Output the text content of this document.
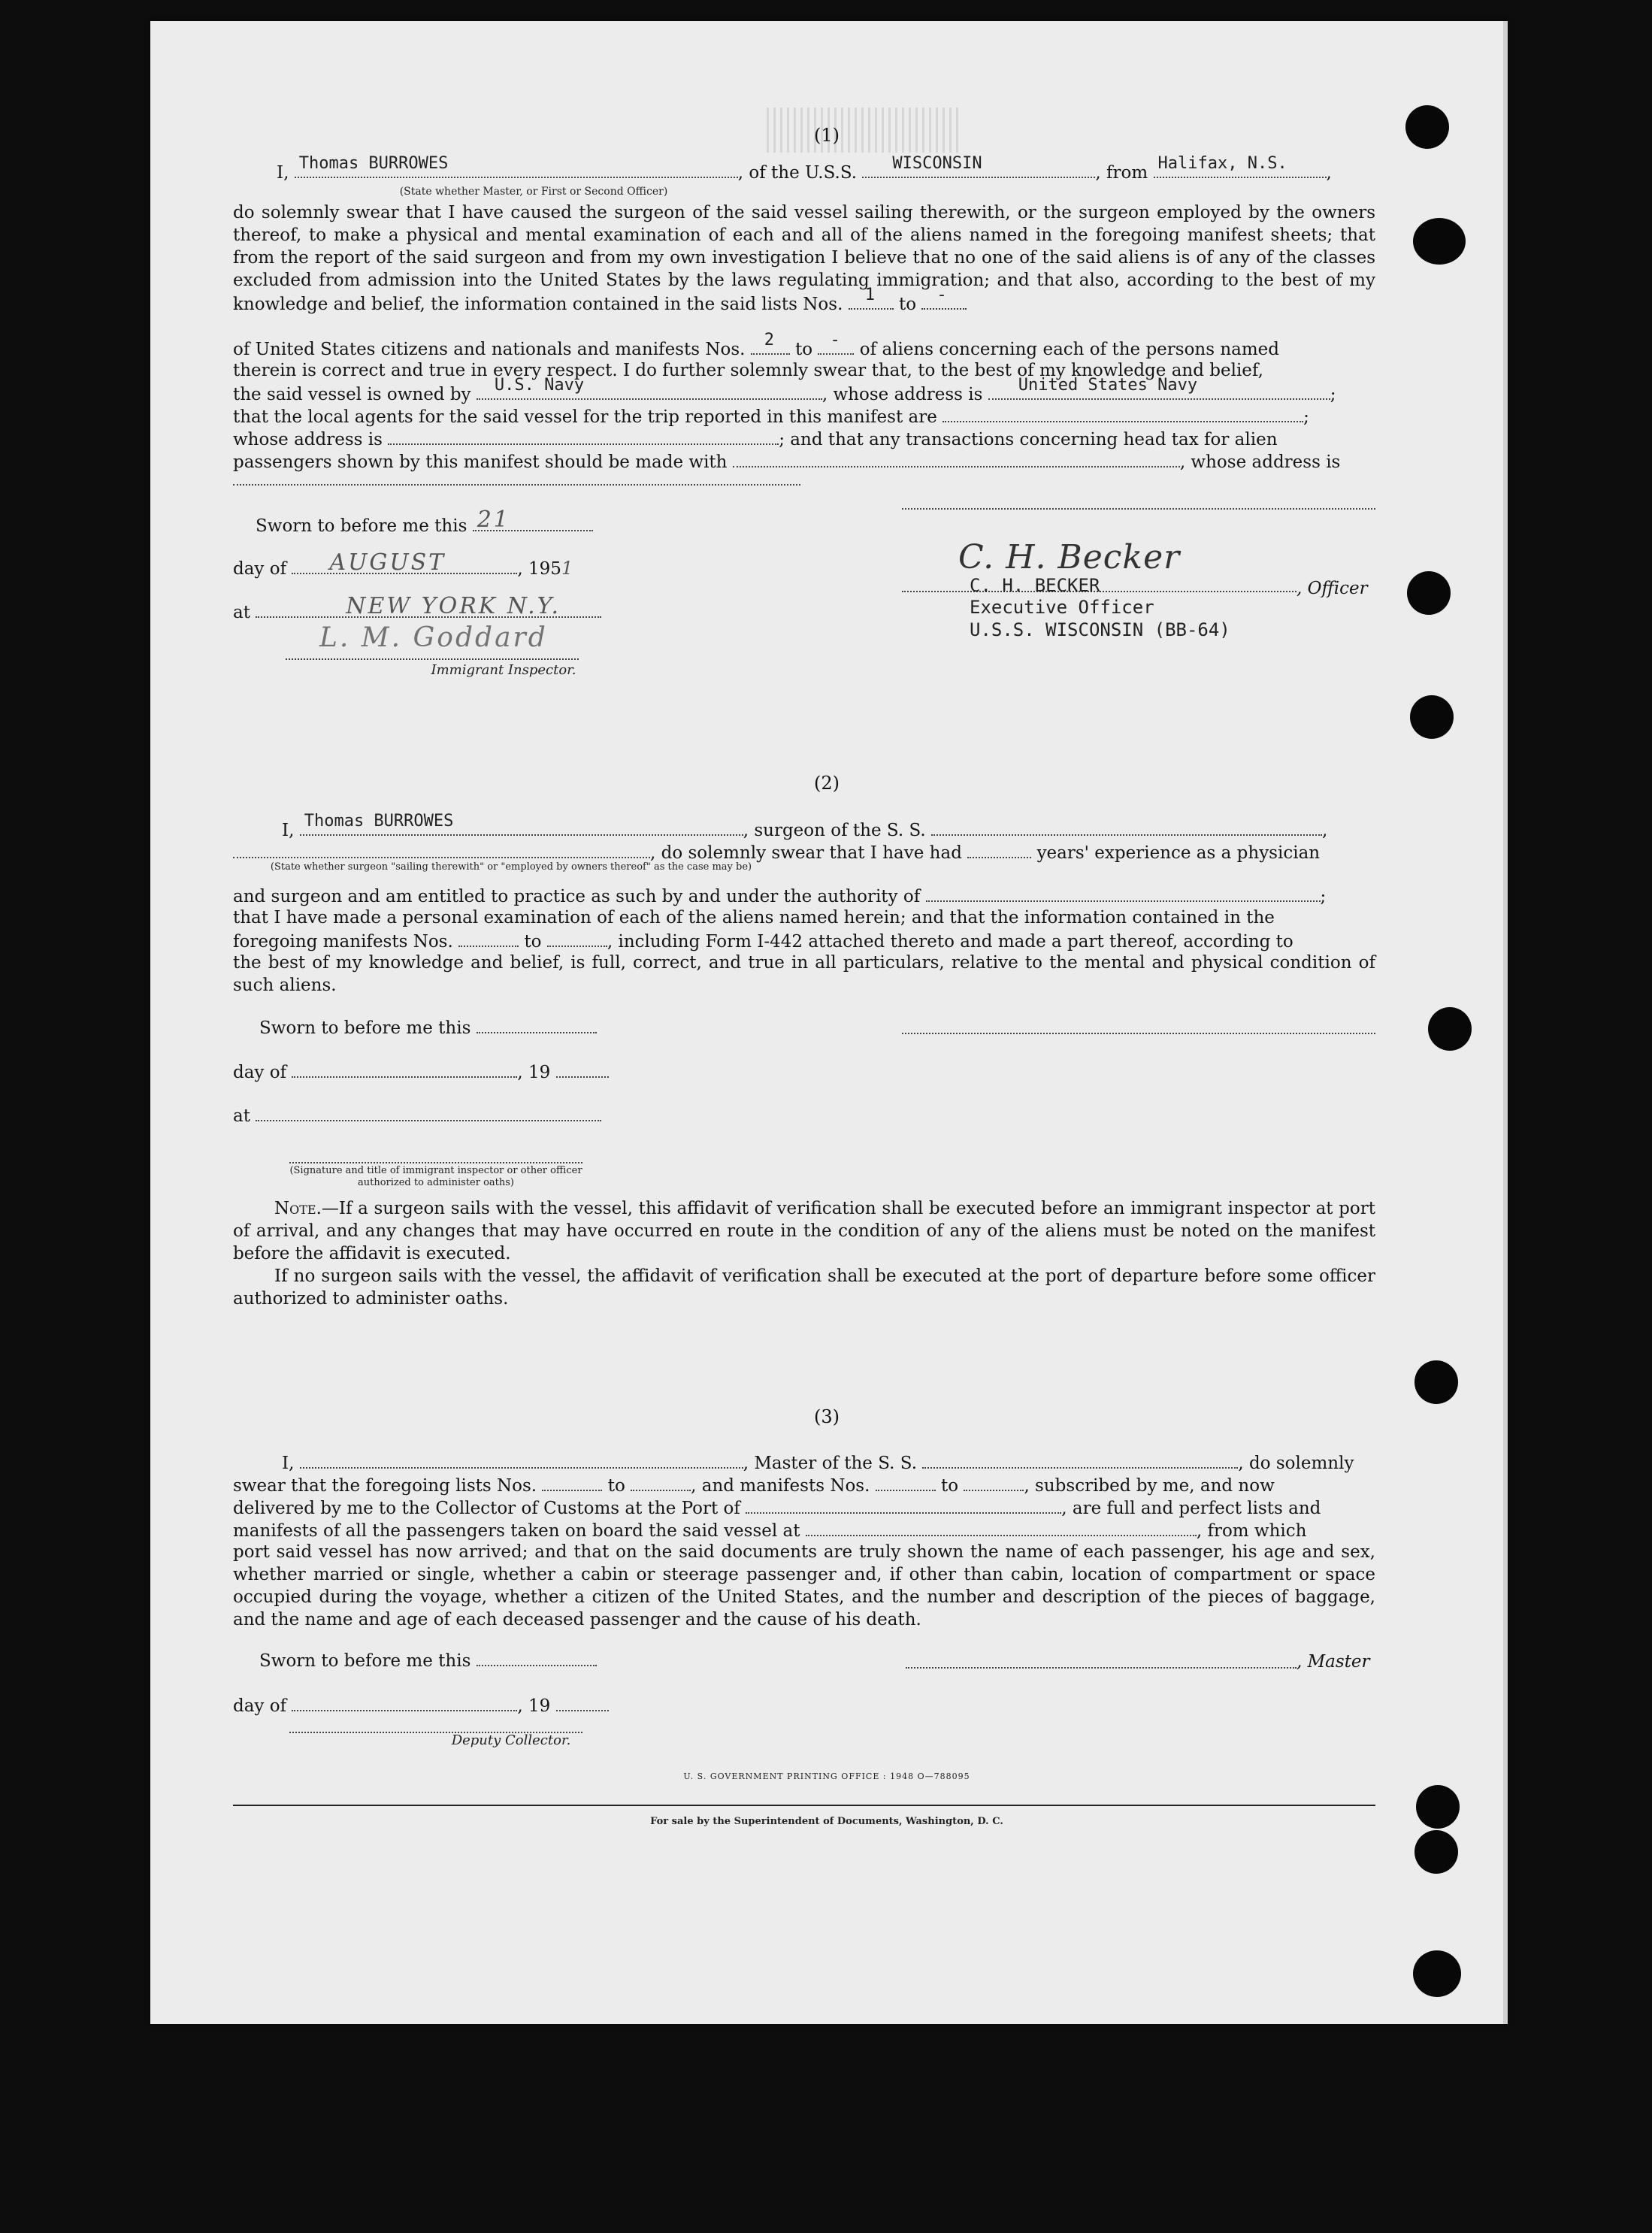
(1)
I, Thomas BURROWES	, of the U.S.S. WISCONSIN	, from Halifax, N.S. ,
(State whether Master, or First or Second Officer)
do solemnly swear that I have caused the surgeon of the said vessel sailing therewith, or the surgeon employed by the owners thereof, to make a physical and mental examination of each and all of the aliens named in the foregoing manifest sheets; that from the report of the said surgeon and from my own investigation I believe that no one of the said aliens is of any of the classes excluded from admission into the United States by the laws regulating immigration; and that also, according to the best of my knowledge and belief, the information contained in the said lists Nos. 1 to -
of United States citizens and nationals and manifests Nos. 2 to - of aliens concerning each of the persons named
therein is correct and true in every respect. I do further solemnly swear that, to the best of my knowledge and belief,
the said vessel is owned by U.S. Navy	, whose address is United States Navy	;
that the local agents for the said vessel for the trip reported in this manifest are	;
whose address is	; and that any transactions concerning head tax for alien
passengers shown by this manifest should be made with	, whose address is
Sworn to before me this 21
day of AUGUST	, 1951
at	NEW YORK N.Y.
L. M. Goddard
Immigrant Inspector.
C. H. Becker
C. H. BECKER	, Officer
Executive Officer
U.S.S. WISCONSIN (BB-64)
(2)
I, Thomas BURROWES	, surgeon of the S. S.	,
, do solemnly swear that I have had	years' experience as a physician
(State whether surgeon "sailing therewith" or "employed by owners thereof" as the case may be)
and surgeon and am entitled to practice as such by and under the authority of	;
that I have made a personal examination of each of the aliens named herein; and that the information contained in the
foregoing manifests Nos.	to	, including Form I-442 attached thereto and made a part thereof, according to
the best of my knowledge and belief, is full, correct, and true in all particulars, relative to the mental and physical condition of such aliens.
Sworn to before me this
day of	, 19
at
(Signature and title of immigrant inspector or other officer authorized to administer oaths)
Note.—If a surgeon sails with the vessel, this affidavit of verification shall be executed before an immigrant inspector at port of arrival, and any changes that may have occurred en route in the condition of any of the aliens must be noted on the manifest before the affidavit is executed.
If no surgeon sails with the vessel, the affidavit of verification shall be executed at the port of departure before some officer authorized to administer oaths.
(3)
I,	, Master of the S. S.	, do solemnly
swear that the foregoing lists Nos.	to	, and manifests Nos.	to	, subscribed by me, and now
delivered by me to the Collector of Customs at the Port of	, are full and perfect lists and
manifests of all the passengers taken on board the said vessel at	, from which
port said vessel has now arrived; and that on the said documents are truly shown the name of each passenger, his age and sex, whether married or single, whether a cabin or steerage passenger and, if other than cabin, location of compartment or space occupied during the voyage, whether a citizen of the United States, and the number and description of the pieces of baggage, and the name and age of each deceased passenger and the cause of his death.
Sworn to before me this	, Master
day of	, 19
Deputy Collector.
U. S. GOVERNMENT PRINTING OFFICE : 1948 O—788095
For sale by the Superintendent of Documents, Washington, D. C.
